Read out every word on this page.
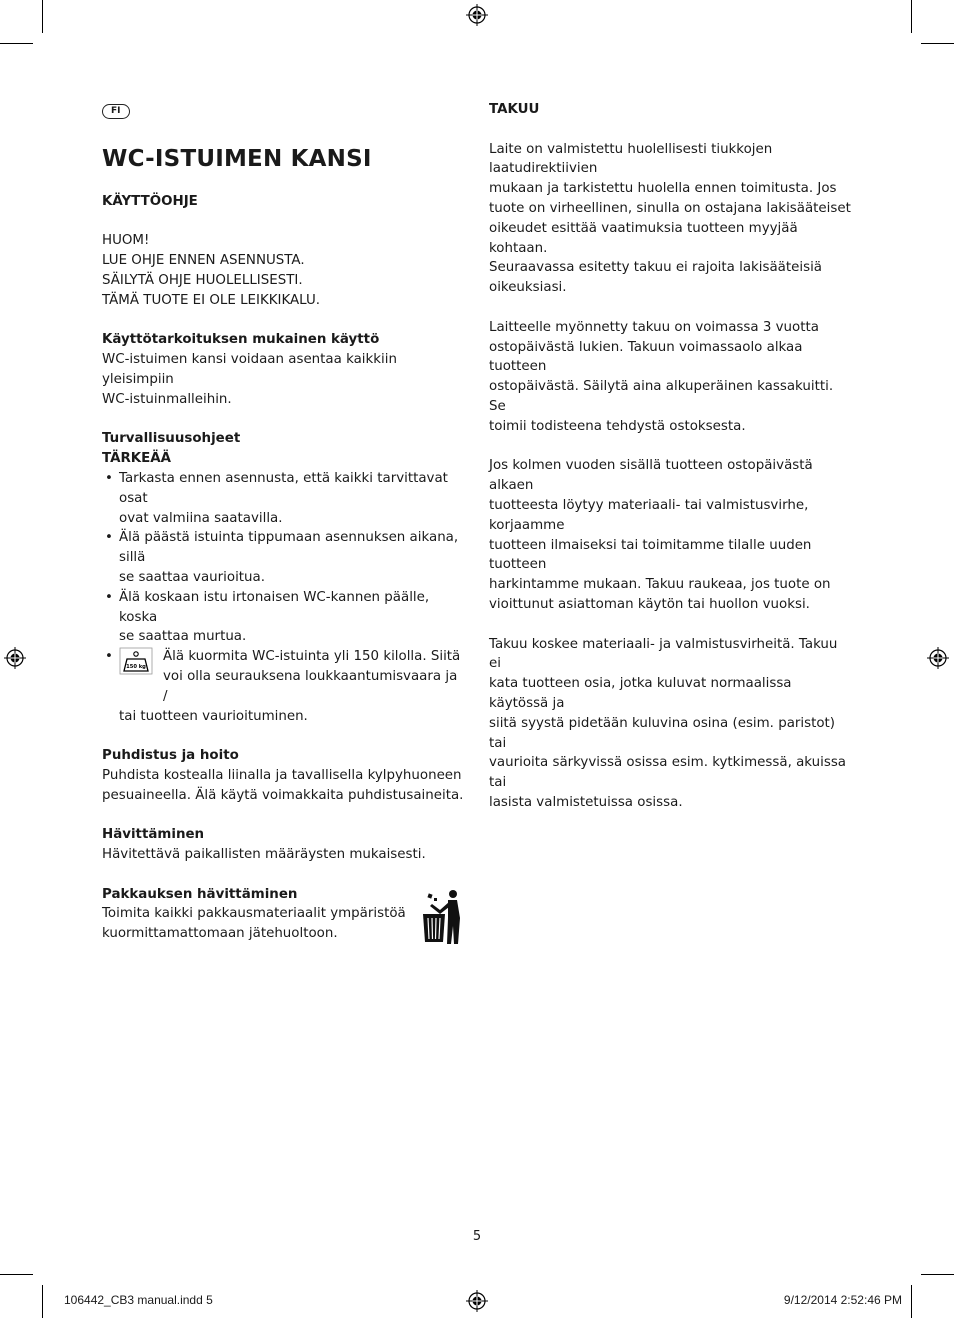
FI
WC-ISTUIMEN KANSI
KÄYTTÖOHJE
HUOM!
LUE OHJE ENNEN ASENNUSTA.
SÄILYTÄ OHJE HUOLELLISESTI.
TÄMÄ TUOTE EI OLE LEIKKIKALU.
Käyttötarkoituksen mukainen käyttö
WC-istuimen kansi voidaan asentaa kaikkiin yleisimpiin
WC-istuinmalleihin.
Turvallisuusohjeet
TÄRKEÄÄ
• Tarkasta ennen asennusta, että kaikki tarvittavat osat
ovat valmiina saatavilla.
• Älä päästä istuinta tippumaan asennuksen aikana, sillä
se saattaa vaurioitua.
• Älä koskaan istu irtonaisen WC-kannen päälle, koska
se saattaa murtua.
• 150 kg
Älä kuormita WC-istuinta yli 150 kilolla. Siitä
voi olla seurauksena loukkaantumisvaara ja /
tai tuotteen vaurioituminen.
Puhdistus ja hoito
Puhdista kostealla liinalla ja tavallisella kylpyhuoneen
pesuaineella. Älä käytä voimakkaita puhdistusaineita.
Hävittäminen
Hävitettävä paikallisten määräysten mukaisesti.
Pakkauksen hävittäminen
Toimita kaikki pakkausmateriaalit ympäristöä
kuormittamattomaan jätehuoltoon.
TAKUU
Laite on valmistettu huolellisesti tiukkojen laatudirektiivien
mukaan ja tarkistettu huolella ennen toimitusta. Jos
tuote on virheellinen, sinulla on ostajana lakisääteiset
oikeudet esittää vaatimuksia tuotteen myyjää kohtaan.
Seuraavassa esitetty takuu ei rajoita lakisääteisiä
oikeuksiasi.
Laitteelle myönnetty takuu on voimassa 3 vuotta
ostopäivästä lukien. Takuun voimassaolo alkaa tuotteen
ostopäivästä. Säilytä aina alkuperäinen kassakuitti. Se
toimii todisteena tehdystä ostoksesta.
Jos kolmen vuoden sisällä tuotteen ostopäivästä alkaen
tuotteesta löytyy materiaali- tai valmistusvirhe, korjaamme
tuotteen ilmaiseksi tai toimitamme tilalle uuden tuotteen
harkintamme mukaan. Takuu raukeaa, jos tuote on
vioittunut asiattoman käytön tai huollon vuoksi.
Takuu koskee materiaali- ja valmistusvirheitä. Takuu ei
kata tuotteen osia, jotka kuluvat normaalissa käytössä ja
siitä syystä pidetään kuluvina osina (esim. paristot) tai
vaurioita särkyvissä osissa esim. kytkimessä, akuissa tai
lasista valmistetuissa osissa.
5
106442_CB3 manual.indd 5	9/12/2014 2:52:46 PM
